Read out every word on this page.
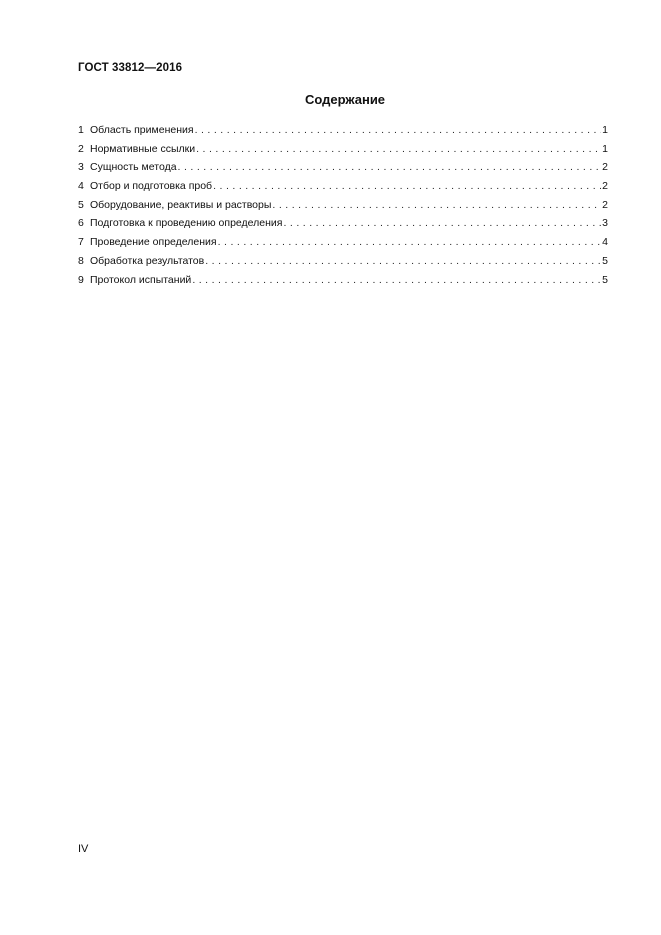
ГОСТ 33812—2016
Содержание
1 Область применения . . .	1
2 Нормативные ссылки . . .	1
3 Сущность метода . . .	2
4 Отбор и подготовка проб . . .	2
5 Оборудование, реактивы и растворы . . .	2
6 Подготовка к проведению определения . . .	3
7 Проведение определения . . .	4
8 Обработка результатов . . .	5
9 Протокол испытаний . . .	5
IV
